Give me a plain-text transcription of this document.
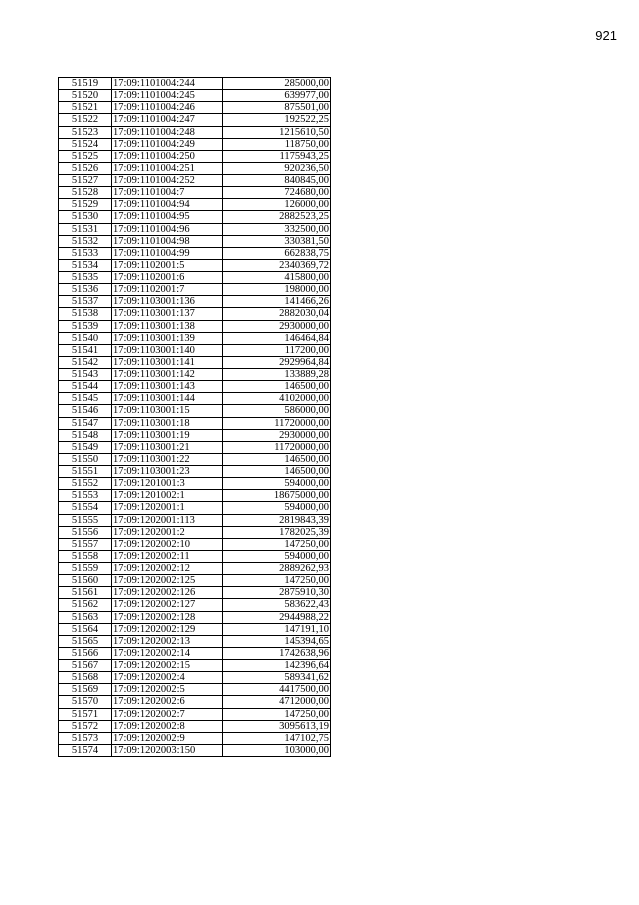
921
51519	17:09:1101004:244	285000,00
51520	17:09:1101004:245	639977,00
51521	17:09:1101004:246	875501,00
51522	17:09:1101004:247	192522,25
51523	17:09:1101004:248	1215610,50
51524	17:09:1101004:249	118750,00
51525	17:09:1101004:250	1175943,25
51526	17:09:1101004:251	920236,50
51527	17:09:1101004:252	840845,00
51528	17:09:1101004:7	724680,00
51529	17:09:1101004:94	126000,00
51530	17:09:1101004:95	2882523,25
51531	17:09:1101004:96	332500,00
51532	17:09:1101004:98	330381,50
51533	17:09:1101004:99	662838,75
51534	17:09:1102001:5	2340369,72
51535	17:09:1102001:6	415800,00
51536	17:09:1102001:7	198000,00
51537	17:09:1103001:136	141466,26
51538	17:09:1103001:137	2882030,04
51539	17:09:1103001:138	2930000,00
51540	17:09:1103001:139	146464,84
51541	17:09:1103001:140	117200,00
51542	17:09:1103001:141	2929964,84
51543	17:09:1103001:142	133889,28
51544	17:09:1103001:143	146500,00
51545	17:09:1103001:144	4102000,00
51546	17:09:1103001:15	586000,00
51547	17:09:1103001:18	11720000,00
51548	17:09:1103001:19	2930000,00
51549	17:09:1103001:21	11720000,00
51550	17:09:1103001:22	146500,00
51551	17:09:1103001:23	146500,00
51552	17:09:1201001:3	594000,00
51553	17:09:1201002:1	18675000,00
51554	17:09:1202001:1	594000,00
51555	17:09:1202001:113	2819843,39
51556	17:09:1202001:2	1782025,39
51557	17:09:1202002:10	147250,00
51558	17:09:1202002:11	594000,00
51559	17:09:1202002:12	2889262,93
51560	17:09:1202002:125	147250,00
51561	17:09:1202002:126	2875910,30
51562	17:09:1202002:127	583622,43
51563	17:09:1202002:128	2944988,22
51564	17:09:1202002:129	147191,10
51565	17:09:1202002:13	145394,65
51566	17:09:1202002:14	1742638,96
51567	17:09:1202002:15	142396,64
51568	17:09:1202002:4	589341,62
51569	17:09:1202002:5	4417500,00
51570	17:09:1202002:6	4712000,00
51571	17:09:1202002:7	147250,00
51572	17:09:1202002:8	3095613,19
51573	17:09:1202002:9	147102,75
51574	17:09:1202003:150	103000,00
